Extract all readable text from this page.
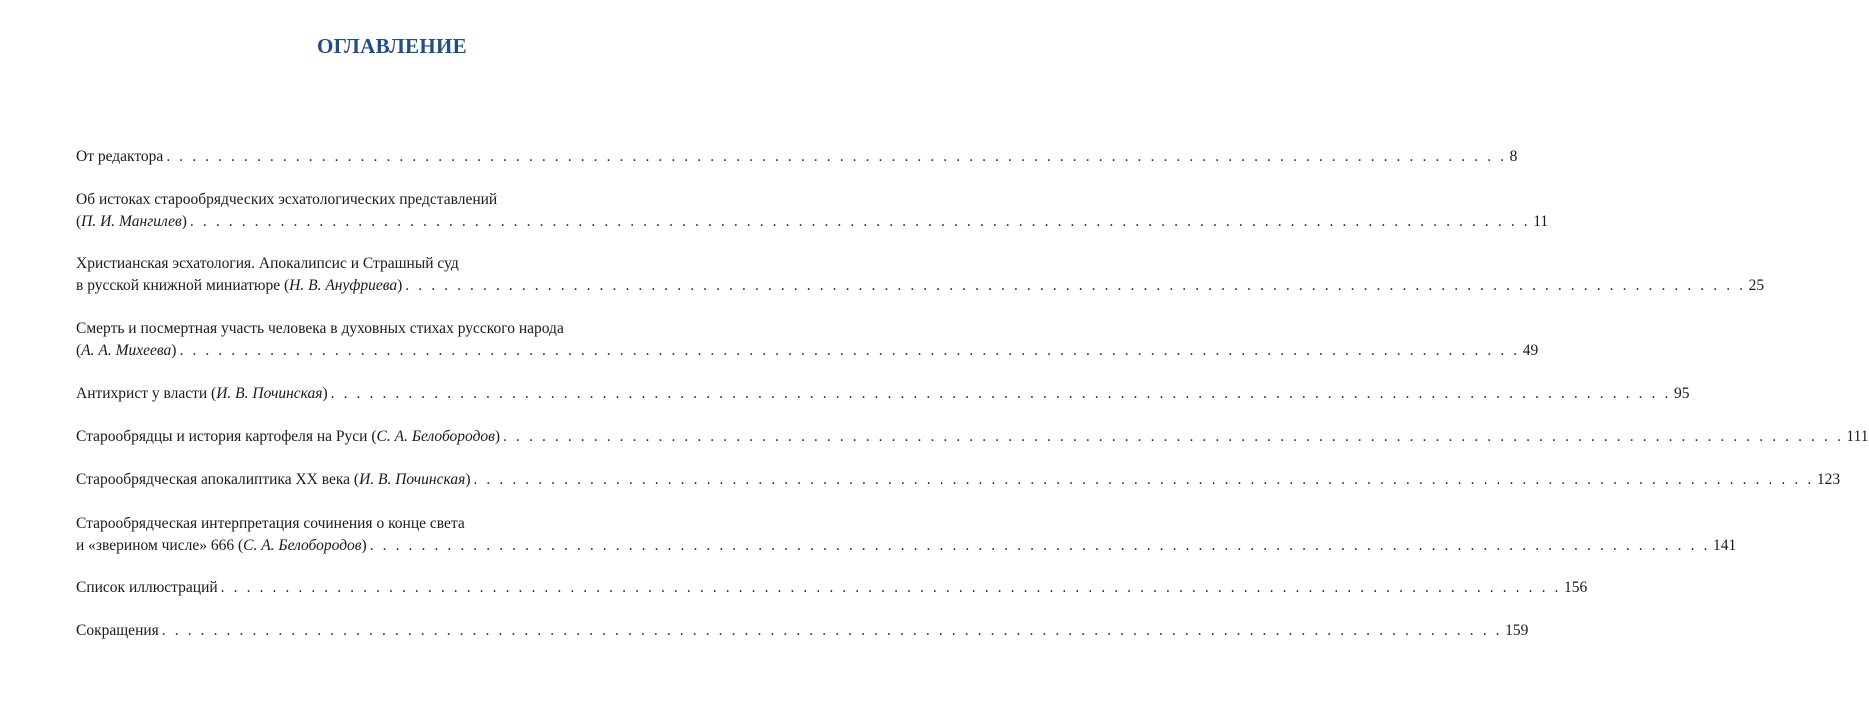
ОГЛАВЛЕНИЕ
От редактора . . . . . . . . . . . . . . . . . . . . . . . . . . . . . . . . . . . . . . . . . . . . . . . . . . . . . . . . . . . . . . . . . . . . . . . . . . . . . . . . . . . . . . . . . . . . . . . . . . . . . . . . 8
Об истоках старообрядческих эсхатологических представлений
(П. И. Мангилев) . . . . . . . . . . . . . . . . . . . . . . . . . . . . . . . . . . . . . . . . . . . . . . . . . . . . . . . . . . . . . . . . . . . . . . . . . . . . . . . . . . . . . . . . . . . . . . . . . . . . . . . . 11
Христианская эсхатология. Апокалипсис и Страшный суд
в русской книжной миниатюре (Н. В. Ануфриева) . . . . . . . . . . . . . . . . . . . . . . . . . . . . . . . . . . . . . . . . . . . . . . . . . . . . . . . . . . . . . . . . . . . . . . . . . . . . . . . . . . . . . . . . . . . . . . . . . . . . . . . . 25
Смерть и посмертная участь человека в духовных стихах русского народа
(А. А. Михеева) . . . . . . . . . . . . . . . . . . . . . . . . . . . . . . . . . . . . . . . . . . . . . . . . . . . . . . . . . . . . . . . . . . . . . . . . . . . . . . . . . . . . . . . . . . . . . . . . . . . . . . . . 49
Антихрист у власти (И. В. Починская) . . . . . . . . . . . . . . . . . . . . . . . . . . . . . . . . . . . . . . . . . . . . . . . . . . . . . . . . . . . . . . . . . . . . . . . . . . . . . . . . . . . . . . . . . . . . . . . . . . . . . . . . 95
Старообрядцы и история картофеля на Руси (С. А. Белобородов) . . . . . . . . . . . . . . . . . . . . . . . . . . . . . . . . . . . . . . . . . . . . . . . . . . . . . . . . . . . . . . . . . . . . . . . . . . . . . . . . . . . . . . . . . . . . . . . . . . . . . . . . 111
Старообрядческая апокалиптика XX века (И. В. Починская) . . . . . . . . . . . . . . . . . . . . . . . . . . . . . . . . . . . . . . . . . . . . . . . . . . . . . . . . . . . . . . . . . . . . . . . . . . . . . . . . . . . . . . . . . . . . . . . . . . . . . . . . 123
Старообрядческая интерпретация сочинения о конце света
и «зверином числе» 666 (С. А. Белобородов) . . . . . . . . . . . . . . . . . . . . . . . . . . . . . . . . . . . . . . . . . . . . . . . . . . . . . . . . . . . . . . . . . . . . . . . . . . . . . . . . . . . . . . . . . . . . . . . . . . . . . . . . 141
Список иллюстраций . . . . . . . . . . . . . . . . . . . . . . . . . . . . . . . . . . . . . . . . . . . . . . . . . . . . . . . . . . . . . . . . . . . . . . . . . . . . . . . . . . . . . . . . . . . . . . . . . . . . . . . . 156
Сокращения . . . . . . . . . . . . . . . . . . . . . . . . . . . . . . . . . . . . . . . . . . . . . . . . . . . . . . . . . . . . . . . . . . . . . . . . . . . . . . . . . . . . . . . . . . . . . . . . . . . . . . . . 159
